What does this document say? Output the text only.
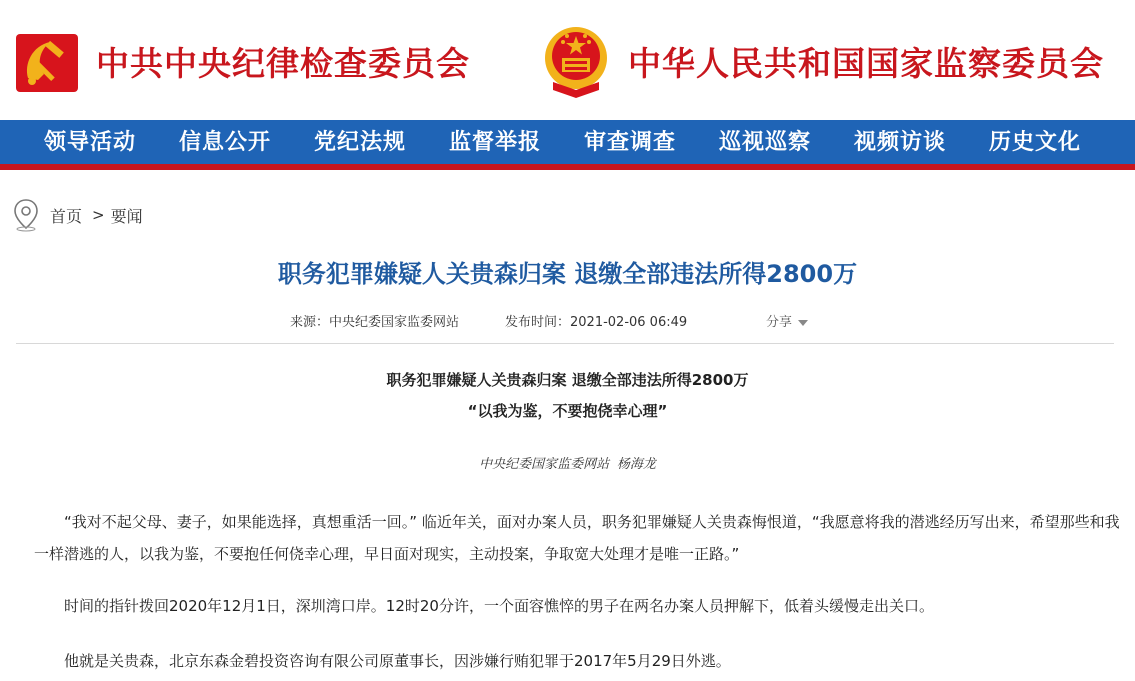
中共中央纪律检查委员会	中华人民共和国国家监察委员会
领导活动 信息公开 党纪法规 监督举报 审查调查 巡视巡察 视频访谈 历史文化
首页 > 要闻
职务犯罪嫌疑人关贵森归案 退缴全部违法所得2800万
来源：中央纪委国家监委网站	发布时间：2021-02-06 06:49	分享
职务犯罪嫌疑人关贵森归案 退缴全部违法所得2800万
“以我为鉴，不要抱侥幸心理”
中央纪委国家监委网站 杨海龙

“我对不起父母、妻子，如果能选择，真想重活一回。” 临近年关，面对办案人员，职务犯罪嫌疑人关贵森悔恨道，“我愿意将我的潜逃经历写出来，希望那些和我一样潜逃的人，以我为鉴，不要抱任何侥幸心理，早日面对现实，主动投案，争取宽大处理才是唯一正路。”

时间的指针拨回2020年12月1日，深圳湾口岸。12时20分许，一个面容憔悴的男子在两名办案人员押解下，低着头缓慢走出关口。

他就是关贵森，北京东森金碧投资咨询有限公司原董事长，因涉嫌行贿犯罪于2017年5月29日外逃。
